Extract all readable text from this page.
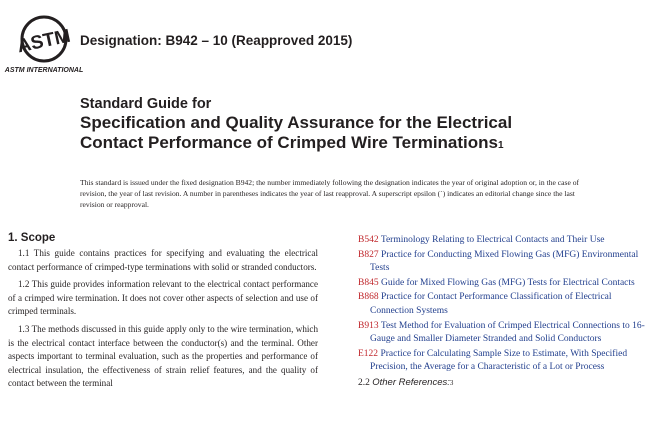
ASTM
ASTM INTERNATIONAL
Designation: B942 – 10 (Reapproved 2015)
Standard Guide for
Specification and Quality Assurance for the Electrical
Contact Performance of Crimped Wire Terminations1
This standard is issued under the fixed designation B942; the number immediately following the designation indicates the year of original adoption or, in the case of revision, the year of last revision. A number in parentheses indicates the year of last reapproval. A superscript epsilon (´) indicates an editorial change since the last revision or reapproval.
1. Scope

1.1 This guide contains practices for specifying and evaluating the electrical contact performance of crimped-type terminations with solid or stranded conductors.

1.2 This guide provides information relevant to the electrical contact performance of a crimped wire termination. It does not cover other aspects of selection and use of crimped terminals.

1.3 The methods discussed in this guide apply only to the wire termination, which is the electrical contact interface between the conductor(s) and the terminal. Other aspects important to terminal evaluation, such as the properties and performance of electrical insulation, the effectiveness of strain relief features, and the quality of contact between the terminal

B542 Terminology Relating to Electrical Contacts and Their Use
B827 Practice for Conducting Mixed Flowing Gas (MFG) Environmental Tests
B845 Guide for Mixed Flowing Gas (MFG) Tests for Electrical Contacts
B868 Practice for Contact Performance Classification of Electrical Connection Systems
B913 Test Method for Evaluation of Crimped Electrical Connections to 16-Gauge and Smaller Diameter Stranded and Solid Conductors
E122 Practice for Calculating Sample Size to Estimate, With Specified Precision, the Average for a Characteristic of a Lot or Process
2.2 Other References:3
